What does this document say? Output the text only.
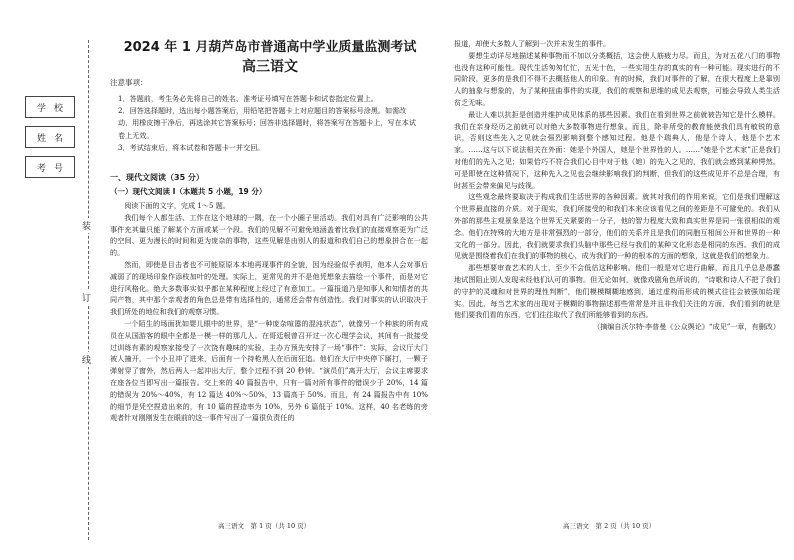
学校
姓名
考号
装
订
线
2024 年 1 月葫芦岛市普通高中学业质量监测考试
高三语文
注意事项：
1．答题前，考生务必先将自己的姓名、准考证号填写在答题卡和试卷指定位置上。
2．回答选择题时，选出每小题答案后，用铅笔把答题卡上对应题目的答案标号涂黑。如需改动，用橡皮擦干净后，再选涂其它答案标号；回答非选择题时，将答案写在答题卡上，写在本试卷上无效。
3．考试结束后，将本试卷和答题卡一并交回。
一、现代文阅读（35 分）
（一）现代文阅读 I（本题共 5 小题，19 分）

阅读下面的文字，完成 1～5 题。

我们每个人都生活、工作在这个地球的一隅，在一个小圈子里活动。我们对具有广泛影响的公共事件充其量只能了解某个方面或某一个段。我们的见解不可避免地涵盖着比我们的直接观察更为广泛的空间、更为漫长的时间和更为庞杂的事物，这些见解是由别人的报道和我们自己的想象拼合在一起的。

然而，即使是目击者也不可能原原本本地再现事件的全貌，因为经验似乎表明，他本人会对事后减弱了的现场印象作添枝加叶的处理。实际上，更常见的并不是他凭想象去描绘一个事件，而是对它进行风格化。绝大多数事实似乎都在某种程度上经过了有意加工。一篇报道乃是知事人和知情者的共同产物，其中那个亲观者的角色总是带有选择性的，通常还会带有创造性。我们对事实的认识取决于我们所处的地位和我们的观察习惯。

一个陌生的场面犹如婴儿眼中的世界，是“一种庞杂喧嚣的混沌状态”，就像另一个种族的所有成员在从国游客的眼中全都是一模一样的那几人。在哥廷根曾召开过一次心理学会议，其间有一批接受过训练有素的观察家接受了一次饶有趣味的实验，主办方预先安排了一场“事件”：实际，会议厅大门被人撞开，一个小丑冲了进来，后面有一个持枪黑人在后面狂追。他们在大厅中央停下厮打，一颗子弹射穿了窗外，然后两人一起冲出大厅，整个过程不到 20 秒钟。“演员们”离开大厅，会议主席要求在座各位当即写出一篇报告。交上来的 40 篇报告中，只有一篇对所有事件的错误少于 20%，14 篇的错误为 20%～40%，有 12 篇达 40%～50%，13 篇高于 50%。而且，有 24 篇报告中有 10% 的细节是凭空捏造出来的，有 10 篇的捏造率为 10%，另外 6 篇低于 10%。这样，40 名老练的旁观者针对刚刚发生在眼前的这一事件写出了一篇很负责任的

高三语文　第 1 页（共 10 页）

报道，却使大多数人了解到一次并未发生的事件。

要想生动详尽地描述某种事物而不加以分类概括，这会使人筋疲力尽。而且，为对五花八门的事物也没有这种可能性。现代生活匆匆忙忙，五光十色，一些实用生存的真实的有一种可能。现实进行的不同阶段，更多的是我们不得不去概括他人的印象。有的时候，我们对事件的了解，在很大程度上是靠别人的抽象与想象的，为了某种扭曲事件的实现，我们的观察和思维的成见去观察，可能会导致人类生活贫乏无味。

最让人难以抗拒是创造并维护成见体系的那些因素。我们在看到世界之前就被告知它是什么模样。我们在亲身经历之前就可以对绝大多数事物进行想象。而且，除非所受的教育能使我们具有敏锐的意识，否则这些先入之见就会强烈影响到整个感知过程。他是个瑞典人，他是个诗人，他是个艺术家。……这与以下说法相关在外面：她是个外国人，她是个世界性的人。……“她是个艺术家”正是我们对他们的先入之见；如果恰巧不符合我们心目中对于他（她）的先入之见的，我们就会感到某种愕然。可是即使在这种情况下，这种先入之见也会继续影响我们的判断，但我们的这些成见并不总是合理，有时甚至会带来偏见与歧视。

这些观念最终要取决于构成我们生活世界的各种因素。就其对我们的作用来说，它们是我们理解这个世界最直接的介质。对于现实，我们所接受的和我们本来应该看见之间的差距是不可避免的。我们从外部的那些主观景象是这个世界无关紧要的一分子，他的智力程度大致和真实世界是同一张很相似的观念。他们在特殊的大地方是非常强烈的一部分，他们的关系并且是我们的同胞互相间公开和世界的一种文化的一部分。因此，我们就要求我们头脑中那些已经与我们的某种文化形态是相同的东西。我们的成见就是围绕着我们在我们的事物的核心，成为我们的一种的根本的方面的想象，这就是我们的想象力。

那些想要审查艺术的人士，至少不会低估这种影响。他们一般是对它进行曲解，而且几乎总是愚蠢地试图阻止别人发现未经他们认可的事物。但无论如何，就像戏剧角色所说的，“诗歌和诗人不把了我们的守护的灵魂和对世界的理性判断”，他们模模糊糊地感到，通过虚构而形成的模式往往会被强加给现实。因此，每当艺术家的出现对于模糊的事物描述那些常常是并且非我们关注的方面，我们看到的就是他们要我们看的东西，它们往往取代了我们所能够看到的东西。

（摘编自沃尔特·李普曼《公众舆论》“成见”一章，有删改）
高三语文　第 2 页（共 10 页）
